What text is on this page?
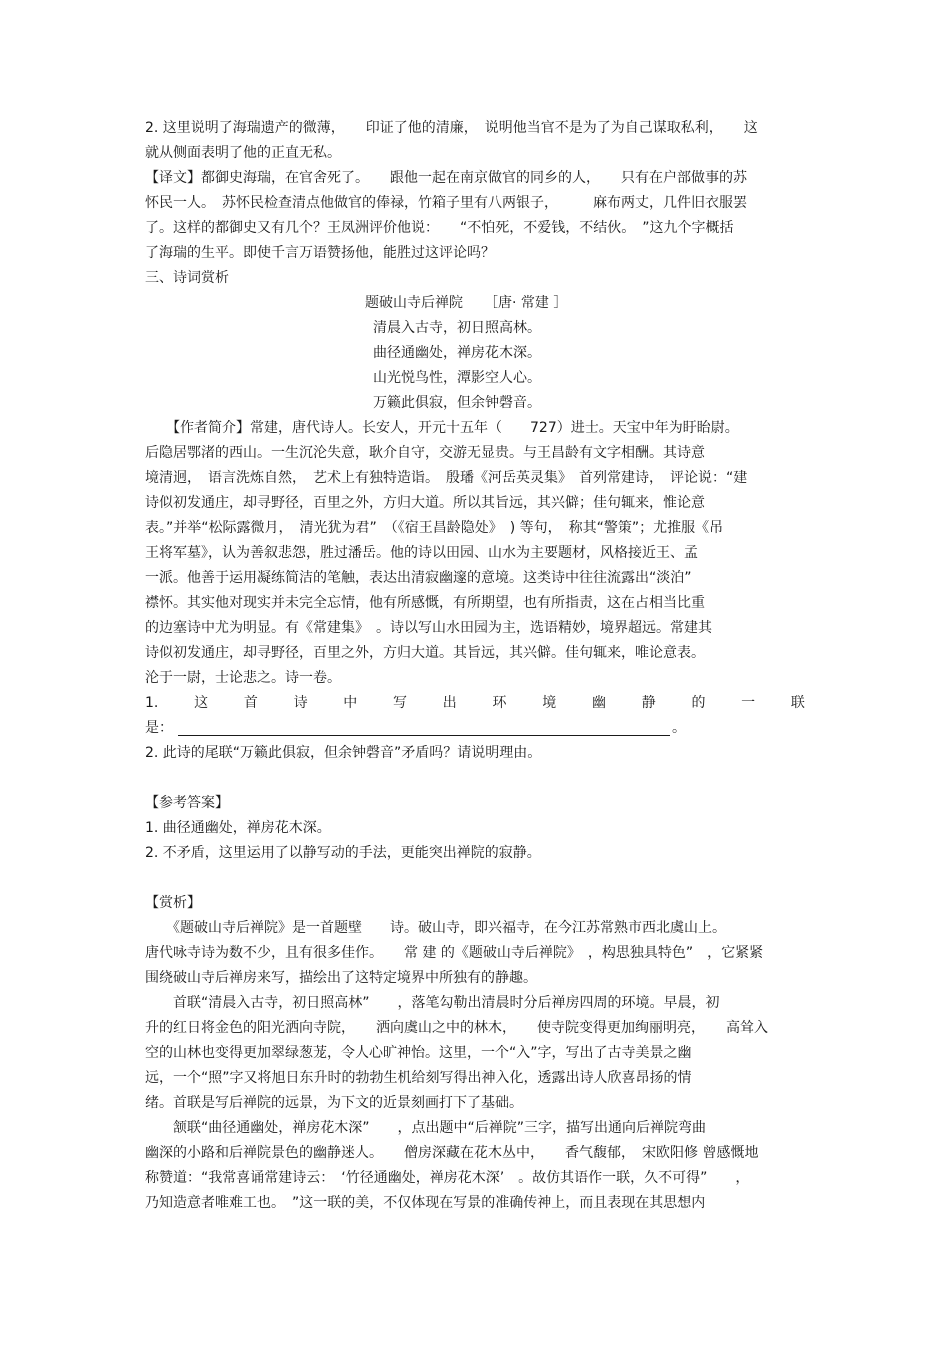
2. 这里说明了海瑞遗产的微薄，　　印证了他的清廉，　说明他当官不是为了为自己谋取私利，　　这
就从侧面表明了他的正直无私。
【译文】都御史海瑞，在官舍死了。　　跟他一起在南京做官的同乡的人，　　只有在户部做事的苏
怀民一人。　苏怀民检查清点他做官的俸禄，竹箱子里有八两银子，　　　麻布两丈，几件旧衣服罢
了。这样的都御史又有几个？王凤洲评价他说：　　“不怕死，不爱钱，不结伙。　”这九个字概括
了海瑞的生平。即使千言万语赞扬他，能胜过这评论吗？
三、诗词赏析
题破山寺后禅院　　［唐· 常建 ］
清晨入古寺，初日照高林。
曲径通幽处，禅房花木深。
山光悦鸟性，潭影空人心。
万籁此俱寂，但余钟磬音。
　　【作者简介】常建，唐代诗人。长安人，开元十五年（　　727）进士。天宝中年为盱眙尉。
后隐居鄂渚的西山。一生沉沦失意，耿介自守，交游无显贵。与王昌龄有文字相酬。其诗意
境清迥，　语言洗炼自然，　艺术上有独特造诣。　殷璠《河岳英灵集》　首列常建诗，　评论说：“建
诗似初发通庄，却寻野径，百里之外，方归大道。所以其旨远，其兴僻；佳句辄来，惟论意
表。”并举“松际露微月，　清光犹为君”　（《宿王昌龄隐处》　) 等句，　称其“警策”；尤推服《吊
王将军墓》，认为善叙悲怨，胜过潘岳。他的诗以田园、山水为主要题材，风格接近王、孟
一派。他善于运用凝练简洁的笔触，表达出清寂幽邃的意境。这类诗中往往流露出“淡泊”
襟怀。其实他对现实并未完全忘情，他有所感慨，有所期望，也有所指责，这在占相当比重
的边塞诗中尤为明显。有《常建集》　。诗以写山水田园为主，选语精妙，境界超远。常建其
诗似初发通庄，却寻野径，百里之外，方归大道。其旨远，其兴僻。佳句辄来，唯论意表。
沦于一尉，士论悲之。诗一卷。
1.	这	首	诗	中	写	出	环	境	幽	静	的	一	联
是：	。
2. 此诗的尾联“万籁此俱寂，但余钟磬音”矛盾吗？请说明理由。
【参考答案】
1. 曲径通幽处，禅房花木深。
2. 不矛盾，这里运用了以静写动的手法，更能突出禅院的寂静。
【赏析】
　　《题破山寺后禅院》是一首题壁　　诗。破山寺，即兴福寺，在今江苏常熟市西北虞山上。
唐代咏寺诗为数不少，且有很多佳作。　　常 建 的《题破山寺后禅院》　，构思独具特色”　，它紧紧
围绕破山寺后禅房来写，描绘出了这特定境界中所独有的静趣。
　　首联“清晨入古寺，初日照高林”　　，落笔勾勒出清晨时分后禅房四周的环境。早晨，初
升的红日将金色的阳光洒向寺院，　　洒向虞山之中的林木，　　使寺院变得更加绚丽明亮，　　高耸入
空的山林也变得更加翠绿葱茏，令人心旷神怡。这里，一个“入”字，写出了古寺美景之幽
远，一个“照”字又将旭日东升时的勃勃生机给刻写得出神入化，透露出诗人欣喜昂扬的情
绪。首联是写后禅院的远景，为下文的近景刻画打下了基础。
　　颔联“曲径通幽处，禅房花木深”　　，点出题中“后禅院”三字，描写出通向后禅院弯曲
幽深的小路和后禅院景色的幽静迷人。　　僧房深藏在花木丛中，　　香气馥郁，　宋欧阳修 曾感慨地
称赞道：“我常喜诵常建诗云：　‘竹径通幽处，禅房花木深’　。故仿其语作一联，久不可得”　　，
乃知造意者唯难工也。　”这一联的美，不仅体现在写景的准确传神上，而且表现在其思想内
